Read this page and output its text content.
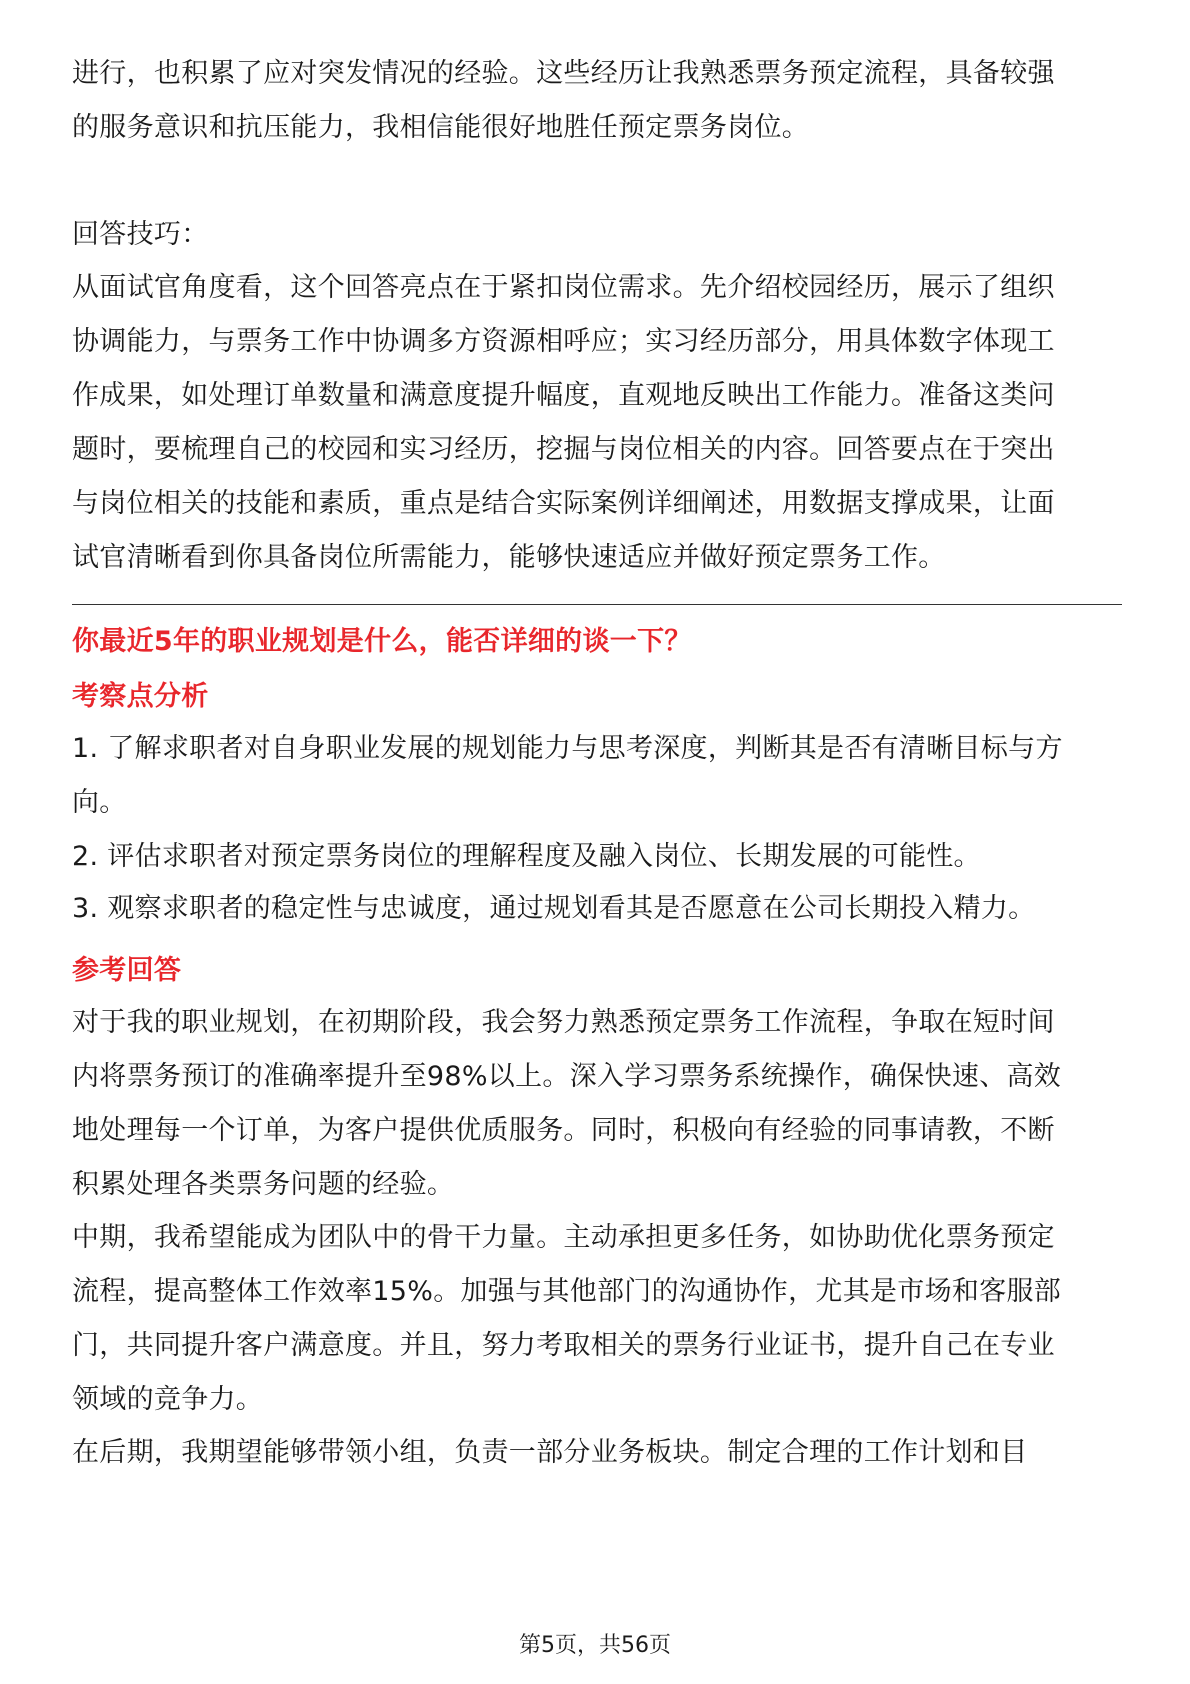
进行，也积累了应对突发情况的经验。这些经历让我熟悉票务预定流程，具备较强
的服务意识和抗压能力，我相信能很好地胜任预定票务岗位。
回答技巧：
从面试官角度看，这个回答亮点在于紧扣岗位需求。先介绍校园经历，展示了组织
协调能力，与票务工作中协调多方资源相呼应；实习经历部分，用具体数字体现工
作成果，如处理订单数量和满意度提升幅度，直观地反映出工作能力。准备这类问
题时，要梳理自己的校园和实习经历，挖掘与岗位相关的内容。回答要点在于突出
与岗位相关的技能和素质，重点是结合实际案例详细阐述，用数据支撑成果，让面
试官清晰看到你具备岗位所需能力，能够快速适应并做好预定票务工作。
你最近5年的职业规划是什么，能否详细的谈一下？
考察点分析
1. 了解求职者对自身职业发展的规划能力与思考深度，判断其是否有清晰目标与方
向。
2. 评估求职者对预定票务岗位的理解程度及融入岗位、长期发展的可能性。
3. 观察求职者的稳定性与忠诚度，通过规划看其是否愿意在公司长期投入精力。
参考回答
对于我的职业规划，在初期阶段，我会努力熟悉预定票务工作流程，争取在短时间
内将票务预订的准确率提升至98%以上。深入学习票务系统操作，确保快速、高效
地处理每一个订单，为客户提供优质服务。同时，积极向有经验的同事请教，不断
积累处理各类票务问题的经验。
中期，我希望能成为团队中的骨干力量。主动承担更多任务，如协助优化票务预定
流程，提高整体工作效率15%。加强与其他部门的沟通协作，尤其是市场和客服部
门，共同提升客户满意度。并且，努力考取相关的票务行业证书，提升自己在专业
领域的竞争力。
在后期，我期望能够带领小组，负责一部分业务板块。制定合理的工作计划和目
第5页，共56页
